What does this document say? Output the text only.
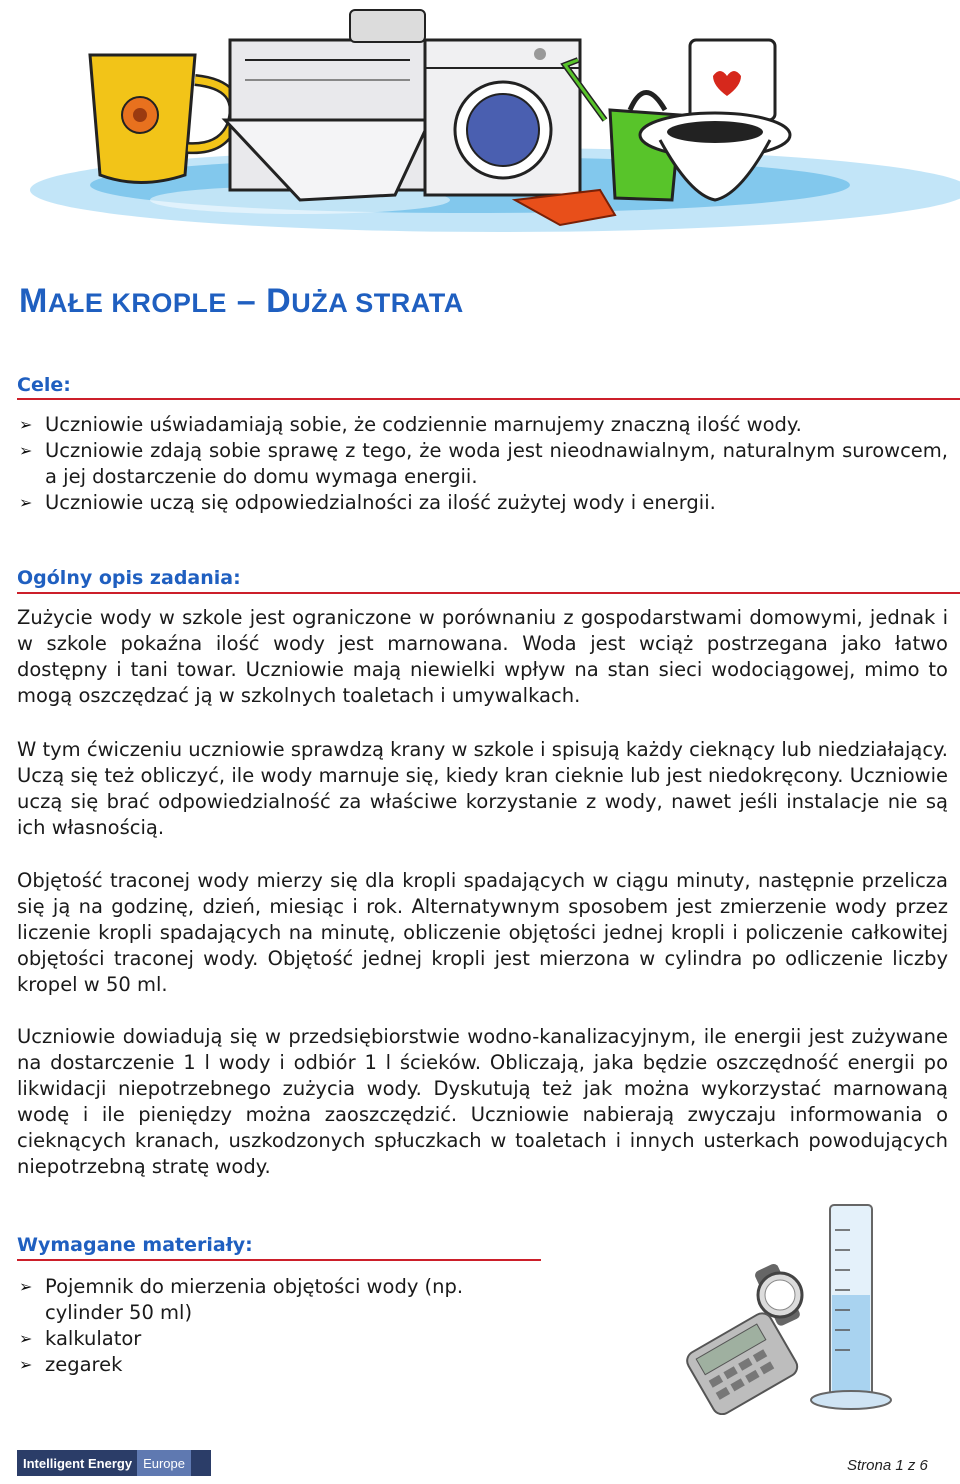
MAŁE KROPLE – DUŻA STRATA
Cele:
➢ Uczniowie uświadamiają sobie, że codziennie marnujemy znaczną ilość wody.
➢ Uczniowie zdają sobie sprawę z tego, że woda jest nieodnawialnym, naturalnym surowcem, a jej dostarczenie do domu wymaga energii.
➢ Uczniowie uczą się odpowiedzialności za ilość zużytej wody i energii.
Ogólny opis zadania:

Zużycie wody w szkole jest ograniczone w porównaniu z gospodarstwami domowymi, jednak i w szkole pokaźna ilość wody jest marnowana. Woda jest wciąż postrzegana jako łatwo dostępny i tani towar. Uczniowie mają niewielki wpływ na stan sieci wodociągowej, mimo to mogą oszczędzać ją w szkolnych toaletach i umywalkach.

W tym ćwiczeniu uczniowie sprawdzą krany w szkole i spisują każdy cieknący lub niedziałający. Uczą się też obliczyć, ile wody marnuje się, kiedy kran cieknie lub jest niedokręcony. Uczniowie uczą się brać odpowiedzialność za właściwe korzystanie z wody, nawet jeśli instalacje nie są ich własnością.

Objętość traconej wody mierzy się dla kropli spadających w ciągu minuty, następnie przelicza się ją na godzinę, dzień, miesiąc i rok. Alternatywnym sposobem jest zmierzenie wody przez liczenie kropli spadających na minutę, obliczenie objętości jednej kropli i policzenie całkowitej objętości traconej wody. Objętość jednej kropli jest mierzona w cylindra po odliczenie liczby kropel w 50 ml.

Uczniowie dowiadują się w przedsiębiorstwie wodno-kanalizacyjnym, ile energii jest zużywane na dostarczenie 1 l wody i odbiór 1 l ścieków. Obliczają, jaka będzie oszczędność energii po likwidacji niepotrzebnego zużycia wody. Dyskutują też jak można wykorzystać marnowaną wodę i ile pieniędzy można zaoszczędzić. Uczniowie nabierają zwyczaju informowania o cieknących kranach, uszkodzonych spłuczkach w toaletach i innych usterkach powodujących niepotrzebną stratę wody.

Wymagane materiały:
➢ Pojemnik do mierzenia objętości wody (np. cylinder 50 ml)
➢ kalkulator
➢ zegarek
Intelligent Energy Europe	Strona 1 z 6
